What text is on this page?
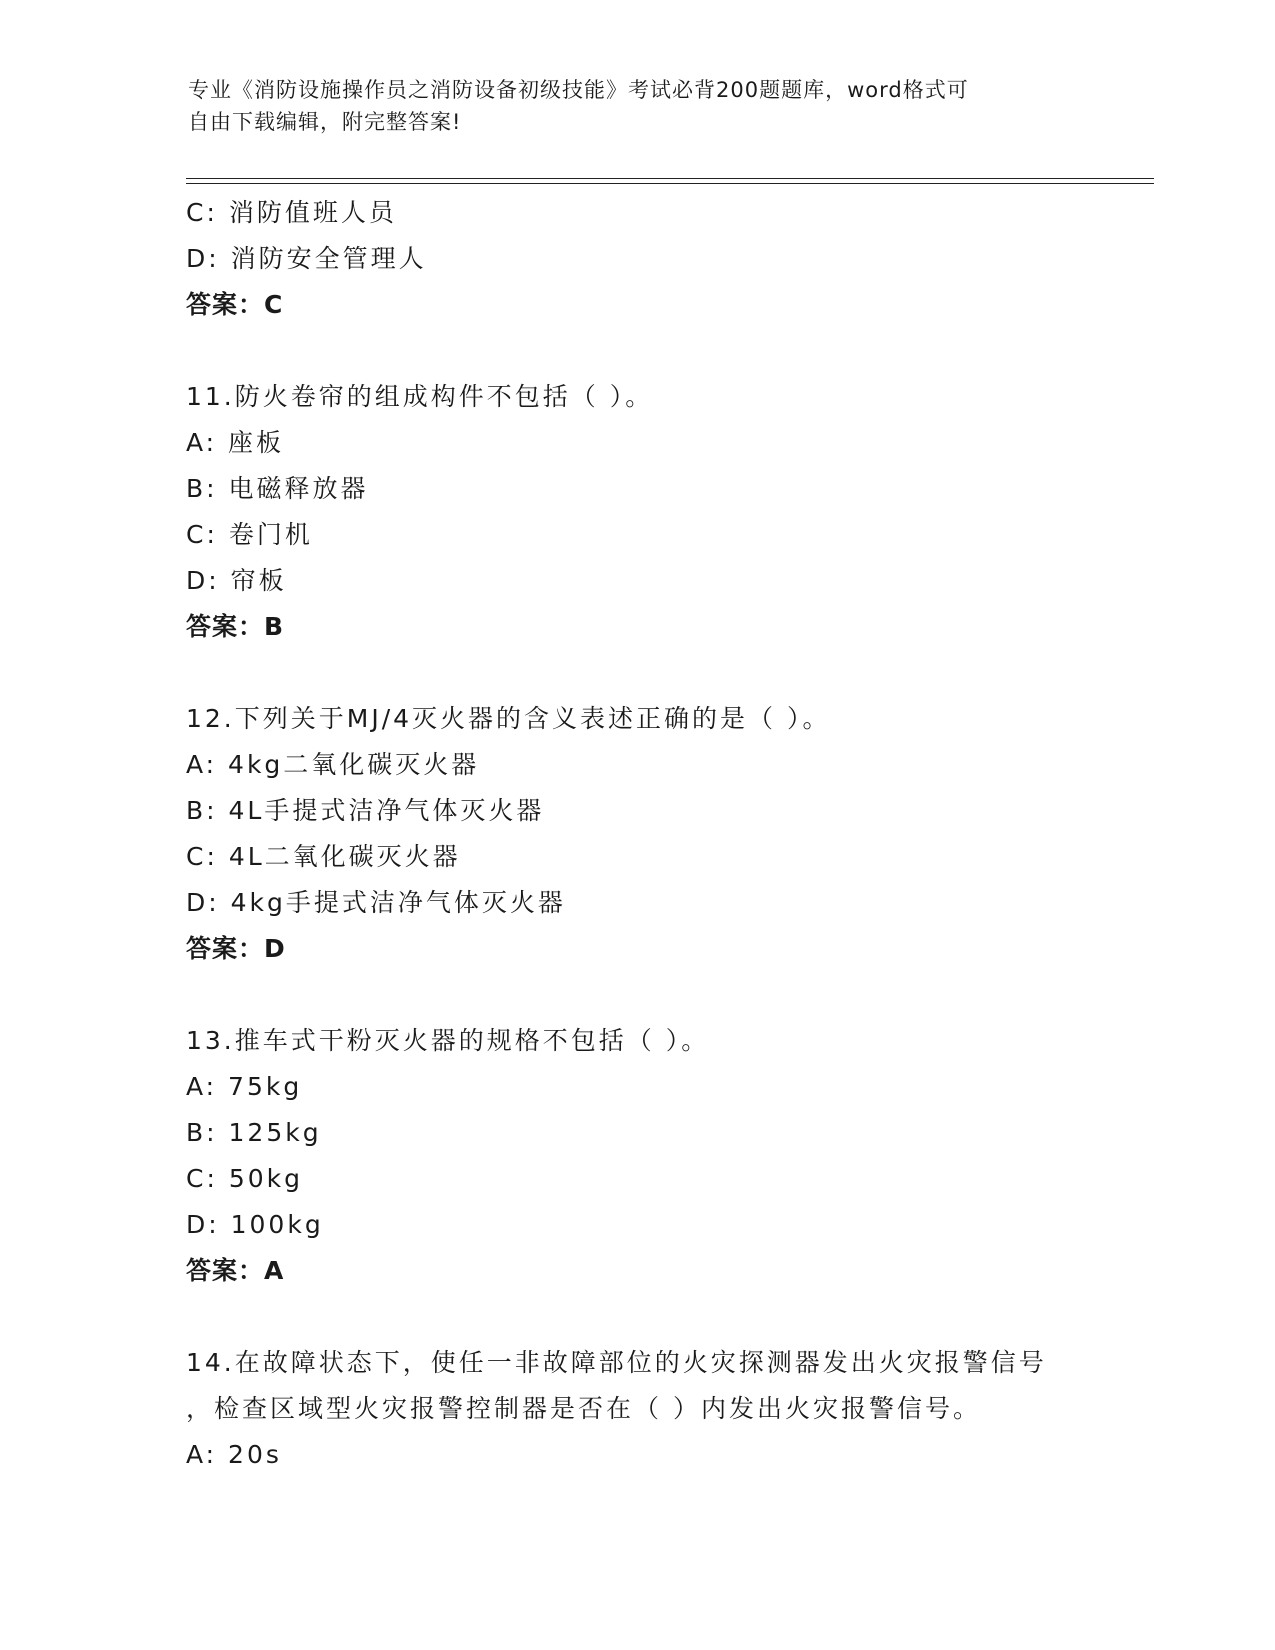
专业《消防设施操作员之消防设备初级技能》考试必背200题题库，word格式可
自由下载编辑，附完整答案!
C: 消防值班人员
D: 消防安全管理人
答案：C
11.防火卷帘的组成构件不包括（ ）。
A: 座板
B: 电磁释放器
C: 卷门机
D: 帘板
答案：B
12.下列关于MJ/4灭火器的含义表述正确的是（ ）。
A: 4kg二氧化碳灭火器
B: 4L手提式洁净气体灭火器
C: 4L二氧化碳灭火器
D: 4kg手提式洁净气体灭火器
答案：D
13.推车式干粉灭火器的规格不包括（ ）。
A: 75kg
B: 125kg
C: 50kg
D: 100kg
答案：A
14.在故障状态下，使任一非故障部位的火灾探测器发出火灾报警信号
，检查区域型火灾报警控制器是否在（ ）内发出火灾报警信号。
A: 20s
